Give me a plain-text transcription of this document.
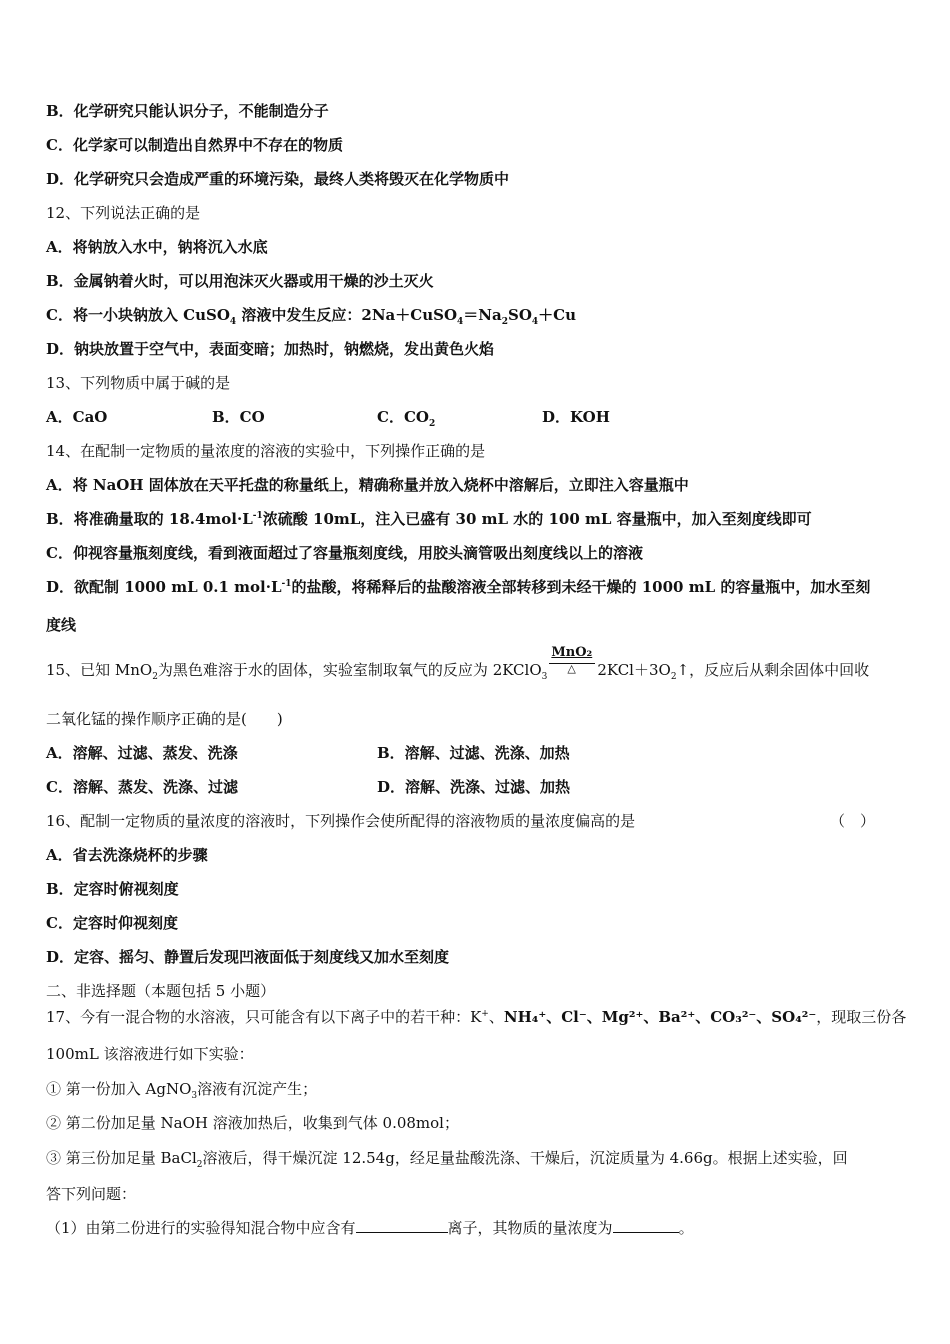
B．化学研究只能认识分子，不能制造分子
C．化学家可以制造出自然界中不存在的物质
D．化学研究只会造成严重的环境污染，最终人类将毁灭在化学物质中
12、下列说法正确的是
A．将钠放入水中，钠将沉入水底
B．金属钠着火时，可以用泡沫灭火器或用干燥的沙土灭火
C．将一小块钠放入 CuSO$_4$ 溶液中发生反应：$2Na+CuSO_4=Na_2SO_4+Cu$
D．钠块放置于空气中，表面变暗；加热时，钠燃烧，发出黄色火焰
13、下列物质中属于碱的是
A．CaO	B．CO	C．$CO_2$	D．KOH
14、在配制一定物质的量浓度的溶液的实验中，下列操作正确的是
A．将 NaOH 固体放在天平托盘的称量纸上，精确称量并放入烧杯中溶解后，立即注入容量瓶中
B．将准确量取的 $18.4mol\cdot L^{-1}$浓硫酸 10mL，注入已盛有 30 mL 水的 100 mL 容量瓶中，加入至刻度线即可
C．仰视容量瓶刻度线，看到液面超过了容量瓶刻度线，用胶头滴管吸出刻度线以上的溶液
D．欲配制 1000 mL 0.1 $mol\cdot L^{-1}$的盐酸，将稀释后的盐酸溶液全部转移到未经干燥的 1000 mL 的容量瓶中，加水至刻
度线
15、已知 MnO$_2$为黑色难溶于水的固体，实验室制取氧气的反应为 2KClO$_3$ $\frac{\text{MnO₂}}{\triangle}$ $2KCl+3O_2↑$，反应后从剩余固体中回收
二氧化锰的操作顺序正确的是(　　)
A．溶解、过滤、蒸发、洗涤	B．溶解、过滤、洗涤、加热
C．溶解、蒸发、洗涤、过滤	D．溶解、洗涤、过滤、加热
16、配制一定物质的量浓度的溶液时，下列操作会使所配得的溶液物质的量浓度偏高的是	（　）
A．省去洗涤烧杯的步骤
B．定容时俯视刻度
C．定容时仰视刻度
D．定容、摇匀、静置后发现凹液面低于刻度线又加水至刻度
二、非选择题（本题包括 5 小题）
17、今有一混合物的水溶液，只可能含有以下离子中的若干种：K+、NH₄⁺、Cl⁻、Mg²⁺、Ba²⁺、CO₃²⁻、SO₄²⁻，现取三份各
100mL 该溶液进行如下实验：
① 第一份加入 AgNO$_3$溶液有沉淀产生；
② 第二份加足量 NaOH 溶液加热后，收集到气体 0.08mol；
③ 第三份加足量 BaCl$_2$溶液后，得干燥沉淀 12.54g，经足量盐酸洗涤、干燥后，沉淀质量为 4.66g。根据上述实验，回
答下列问题：
（1）由第二份进行的实验得知混合物中应含有	离子，其物质的量浓度为	。
